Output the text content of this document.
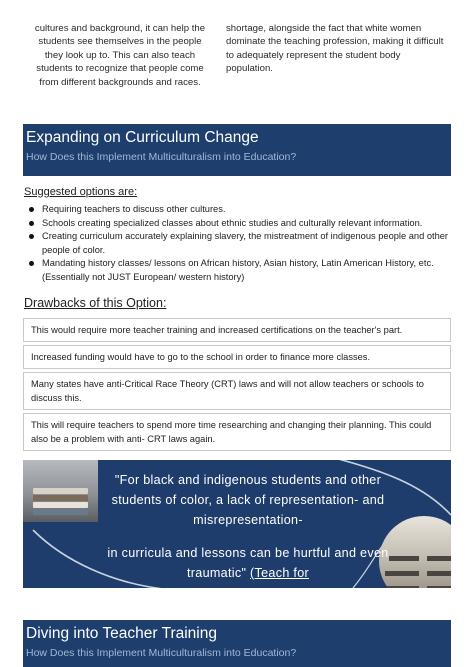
cultures and background, it can help the students see themselves in the people they look up to. This can also teach students to recognize that people come from different backgrounds and races.
shortage, alongside the fact that white women dominate the teaching profession, making it difficult to adequately represent the student body population.
Expanding on Curriculum Change
How Does this Implement Multiculturalism into Education?
Suggested options are:
Requiring teachers to discuss other cultures.
Schools creating specialized classes about ethnic studies and culturally relevant information.
Creating curriculum accurately explaining slavery, the mistreatment of indigenous people and other people of color.
Mandating history classes/ lessons on African history, Asian history, Latin American History, etc. (Essentially not JUST European/ western history)
Drawbacks of this Option:
This would require more teacher training and increased certifications on the teacher's part.
Increased funding would have to go to the school in order to finance more classes.
Many states have anti-Critical Race Theory (CRT) laws and will not allow teachers or schools to discuss this.
This will require teachers to spend more time researching and changing their planning. This could also be a problem with anti- CRT laws again.
"For black and indigenous students and other students of color, a lack of representation- and misrepresentation-
in curricula and lessons can be hurtful and even traumatic" (Teach for
Diving into Teacher Training
How Does this Implement Multiculturalism into Education?
